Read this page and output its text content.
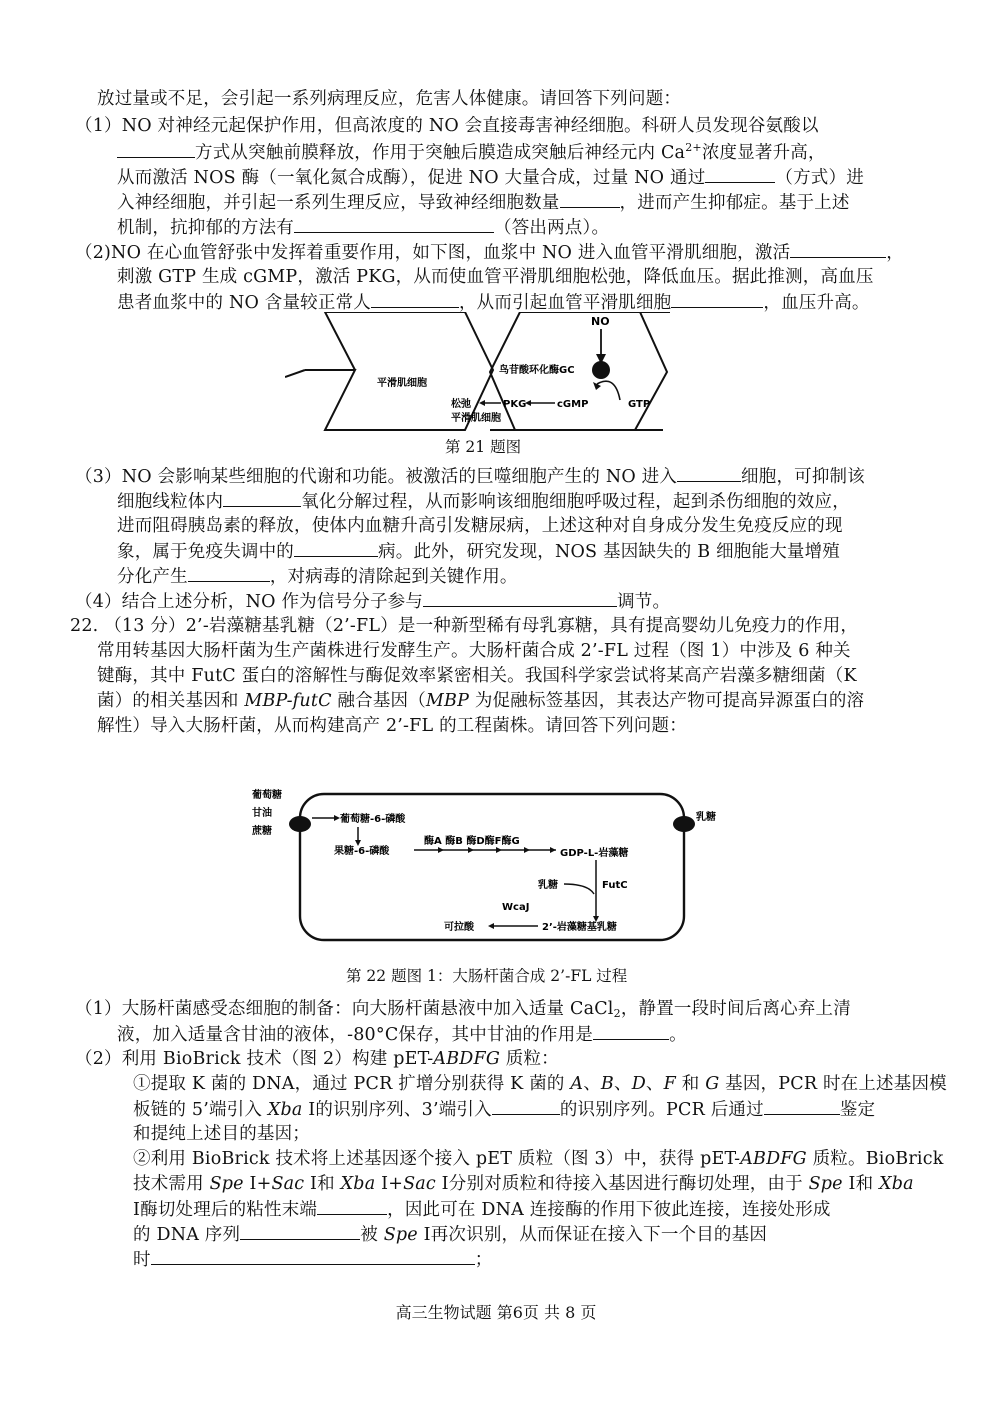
放过量或不足，会引起一系列病理反应，危害人体健康。请回答下列问题：
（1）NO 对神经元起保护作用，但高浓度的 NO 会直接毒害神经细胞。科研人员发现谷氨酸以
方式从突触前膜释放，作用于突触后膜造成突触后神经元内 $Ca^{2+}$浓度显著升高，
从而激活 NOS 酶（一氧化氮合成酶），促进 NO 大量合成，过量 NO 通过	（方式）进
入神经细胞，并引起一系列生理反应，导致神经细胞数量	，进而产生抑郁症。基于上述
机制，抗抑郁的方法有	（答出两点）。
（2)NO 在心血管舒张中发挥着重要作用，如下图，血浆中 NO 进入血管平滑肌细胞，激活	，
刺激 GTP 生成 cGMP，激活 PKG，从而使血管平滑肌细胞松弛，降低血压。据此推测，高血压
患者血浆中的 NO 含量较正常人	，从而引起血管平滑肌细胞	，血压升高。
NO
鸟苷酸环化酶GC
GTP
cGMP
PKG
松弛
平滑肌细胞
平滑肌细胞
第 21 题图
（3）NO 会影响某些细胞的代谢和功能。被激活的巨噬细胞产生的 NO 进入	细胞，可抑制该
细胞线粒体内	氧化分解过程，从而影响该细胞细胞呼吸过程，起到杀伤细胞的效应，
进而阻碍胰岛素的释放，使体内血糖升高引发糖尿病，上述这种对自身成分发生免疫反应的现
象，属于免疫失调中的	病。此外，研究发现，NOS 基因缺失的 B 细胞能大量增殖
分化产生	，对病毒的清除起到关键作用。
（4）结合上述分析，NO 作为信号分子参与	调节。
22. （13 分）2’-岩藻糖基乳糖（2’-FL）是一种新型稀有母乳寡糖，具有提高婴幼儿免疫力的作用，
常用转基因大肠杆菌为生产菌株进行发酵生产。大肠杆菌合成 2’-FL 过程（图 1）中涉及 6 种关
键酶，其中 FutC 蛋白的溶解性与酶促效率紧密相关。我国科学家尝试将某高产岩藻多糖细菌（K
菌）的相关基因和 MBP-futC 融合基因（MBP 为促融标签基因，其表达产物可提高异源蛋白的溶
解性）导入大肠杆菌，从而构建高产 2’-FL 的工程菌株。请回答下列问题：
葡萄糖
甘油
蔗糖
乳糖
葡萄糖-6-磷酸
果糖-6-磷酸
酶A 酶B 酶D酶F酶G
GDP-L-岩藻糖
乳糖	FutC
WcaJ
可拉酸	2’-岩藻糖基乳糖
第 22 题图 1：大肠杆菌合成 2’-FL 过程
（1）大肠杆菌感受态细胞的制备：向大肠杆菌悬液中加入适量 CaCl$_2$，静置一段时间后离心弃上清
液，加入适量含甘油的液体，-80°C保存，其中甘油的作用是	。
（2）利用 BioBrick 技术（图 2）构建 pET-ABDFG 质粒：
①提取 K 菌的 DNA，通过 PCR 扩增分别获得 K 菌的 A、B、D、F 和 G 基因，PCR 时在上述基因模
板链的 5’端引入 Xba Ⅰ的识别序列、3’端引入	的识别序列。PCR 后通过	鉴定
和提纯上述目的基因；
②利用 BioBrick 技术将上述基因逐个接入 pET 质粒（图 3）中，获得 pET-ABDFG 质粒。BioBrick
技术需用 Spe Ⅰ+Sac Ⅰ和 Xba Ⅰ+Sac Ⅰ分别对质粒和待接入基因进行酶切处理，由于 Spe Ⅰ和 Xba
Ⅰ酶切处理后的粘性末端	，因此可在 DNA 连接酶的作用下彼此连接，连接处形成
的 DNA 序列	被 Spe Ⅰ再次识别，从而保证在接入下一个目的基因
时	；
高三生物试题 第6页 共 8 页
